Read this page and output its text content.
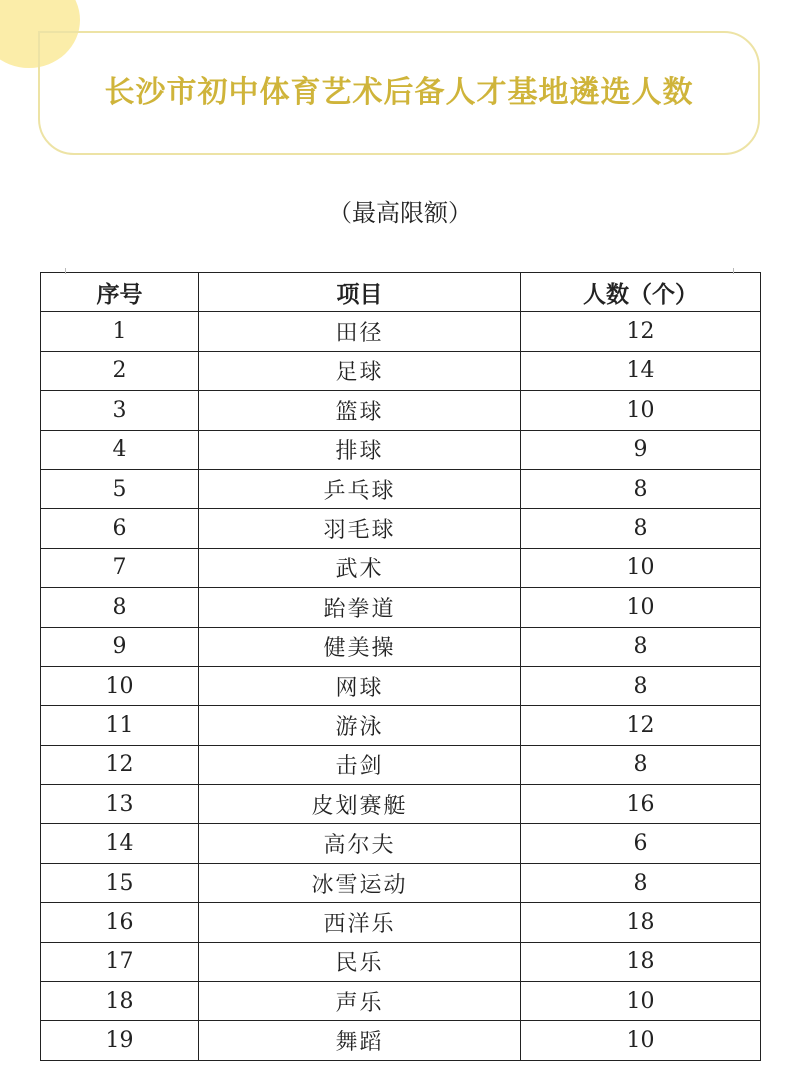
长沙市初中体育艺术后备人才基地遴选人数
（最高限额）
序号	项目	人数（个）
1	田径	12
2	足球	14
3	篮球	10
4	排球	9
5	乒乓球	8
6	羽毛球	8
7	武术	10
8	跆拳道	10
9	健美操	8
10	网球	8
11	游泳	12
12	击剑	8
13	皮划赛艇	16
14	高尔夫	6
15	冰雪运动	8
16	西洋乐	18
17	民乐	18
18	声乐	10
19	舞蹈	10
